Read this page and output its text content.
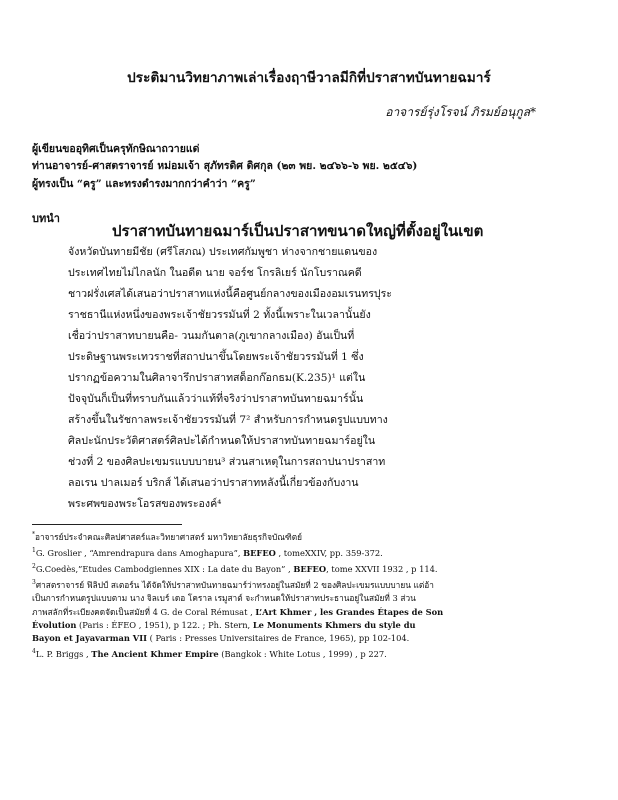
ประติมานวิทยาภาพเล่าเรื่องฤาษีวาลมีกิที่ปราสาทบันทายฉมาร์
อาจารย์รุ่งโรจน์ ภิรมย์อนุกูล*
ผู้เขียนขออุทิศเป็นครุทักษิณาถวายแด่
ท่านอาจารย์-ศาสตราจารย์ หม่อมเจ้า สุภัทรดิศ ดิศกุล (๒๓ พย. ๒๔๖๖-๖ พย. ๒๕๔๖)
ผู้ทรงเป็น “ครู” และทรงดำรงมากกว่าคำว่า “ครู”
บทนำ
ปราสาทบันทายฉมาร์เป็นปราสาทขนาดใหญ่ที่ตั้งอยู่ในเขต
จังหวัดบันทายมีชัย (ศรีโสภณ) ประเทศกัมพูชา ห่างจากชายแดนของ
ประเทศไทยไม่ไกลนัก ในอดีต นาย จอร์ช โกรลิเยร์ นักโบราณคดี
ชาวฝรั่งเศสได้เสนอว่าปราสาทแห่งนี้คือศูนย์กลางของเมืองอมเรนทรปุระ
ราชธานีแห่งหนึ่งของพระเจ้าชัยวรรมันที่ 2 ทั้งนี้เพราะในเวลานั้นยัง
เชื่อว่าปราสาทบายนคือ- วนมกันตาล(ภูเขากลางเมือง) อันเป็นที่
ประดิษฐานพระเทวราชที่สถาปนาขึ้นโดยพระเจ้าชัยวรรมันที่ 1 ซึ่ง
ปรากฏข้อความในศิลาจารึกปราสาทสด็อกก๊อกธม(K.235)¹ แต่ใน
ปัจจุบันก็เป็นที่ทราบกันแล้วว่าแท้ที่จริงว่าปราสาทบันทายฉมาร์นั้น
สร้างขึ้นในรัชกาลพระเจ้าชัยวรรมันที่ 7² สำหรับการกำหนดรูปแบบทาง
ศิลปะนักประวัติศาสตร์ศิลปะได้กำหนดให้ปราสาทบันทายฉมาร์อยู่ใน
ช่วงที่ 2 ของศิลปะเขมรแบบบายน³ ส่วนสาเหตุในการสถาปนาปราสาท
ลอเรน ปาลเมอร์ บริกส์ ได้เสนอว่าปราสาทหลังนี้เกี่ยวข้องกับงาน
พระศพของพระโอรสของพระองค์⁴
*อาจารย์ประจำคณะศิลปศาสตร์และวิทยาศาสตร์ มหาวิทยาลัยธุรกิจบัณฑิตย์
$^1$G. Groslier , “Amrendrapura dans Amoghapura”, BEFEO , tomeXXIV, pp. 359-372.
$^2$G.Coedès,”Etudes Cambodgiennes XIX : La date du Bayon” , BEFEO, tome XXVII 1932 , p 114.
$^3$ศาสตราจารย์ ฟิลิปป์ สเตอร์น ได้จัดให้ปราสาทบันทายฉมาร์ว่าทรงอยู่ในสมัยที่ 2 ของศิลปะเขมรแบบบายน แต่อ้า
เป็นการกำหนดรูปแบบตาม นาง จิลเบร์ เดอ โคราล เรมูสาต์ จะกำหนดให้ปราสาทประธานอยู่ในสมัยที่ 3 ส่วน
ภาพสลักที่ระเบียงคดจัดเป็นสมัยที่ 4 G. de Coral Rémusat , L’Art Khmer , les Grandes Étapes de Son
Évolution (Paris : ÉFEO , 1951), p 122. ; Ph. Stern, Le Monuments Khmers du style du
Bayon et Jayavarman VII ( Paris : Presses Universitaires de France, 1965), pp 102-104.
$^4$L. P. Briggs , The Ancient Khmer Empire (Bangkok : White Lotus , 1999) , p 227.
